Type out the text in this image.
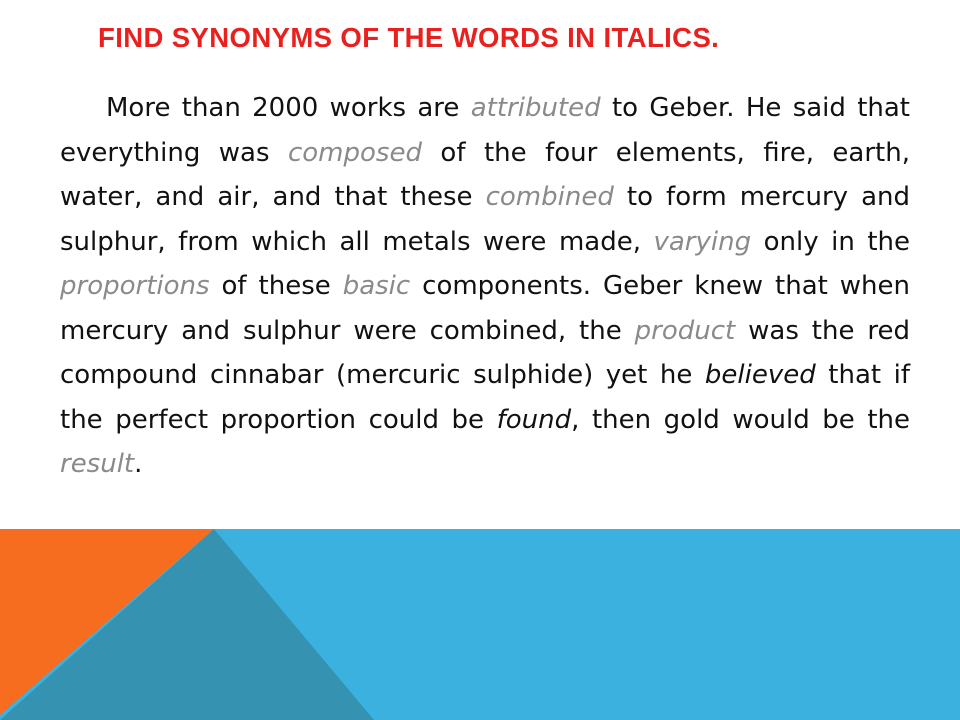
FIND SYNONYMS OF THE WORDS IN ITALICS.

More than 2000 works are attributed to Geber. He said that everything was composed of the four elements, fire, earth, water, and air, and that these combined to form mercury and sulphur, from which all metals were made, varying only in the proportions of these basic components. Geber knew that when mercury and sulphur were combined, the product was the red compound cinnabar (mercuric sulphide) yet he believed that if the perfect proportion could be found, then gold would be the result.
